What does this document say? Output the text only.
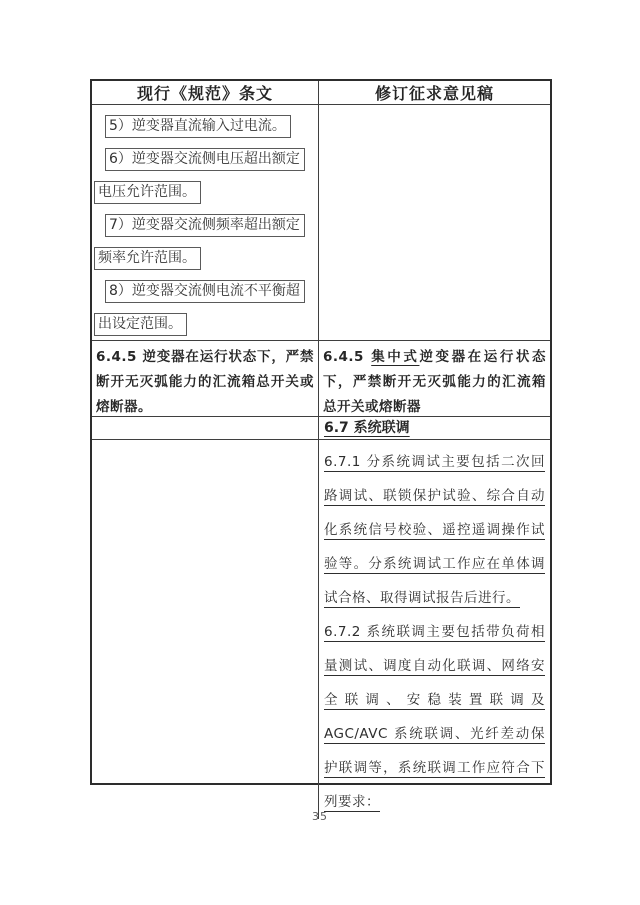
现行《规范》条文	修订征求意见稿
5）逆变器直流输入过电流。
6）逆变器交流侧电压超出额定
电压允许范围。
7）逆变器交流侧频率超出额定
频率允许范围。
8）逆变器交流侧电流不平衡超
出设定范围。
6.4.5 逆变器在运行状态下，严禁断开无灭弧能力的汇流箱总开关或熔断器。
6.4.5 集中式逆变器在运行状态下，严禁断开无灭弧能力的汇流箱总开关或熔断器
6.7 系统联调
6.7.1 分系统调试主要包括二次回路调试、联锁保护试验、综合自动化系统信号校验、遥控遥调操作试验等。分系统调试工作应在单体调试合格、取得调试报告后进行。
6.7.2 系统联调主要包括带负荷相量测试、调度自动化联调、网络安全联调、安稳装置联调及 AGC/AVC 系统联调、光纤差动保护联调等，系统联调工作应符合下列要求：
35
